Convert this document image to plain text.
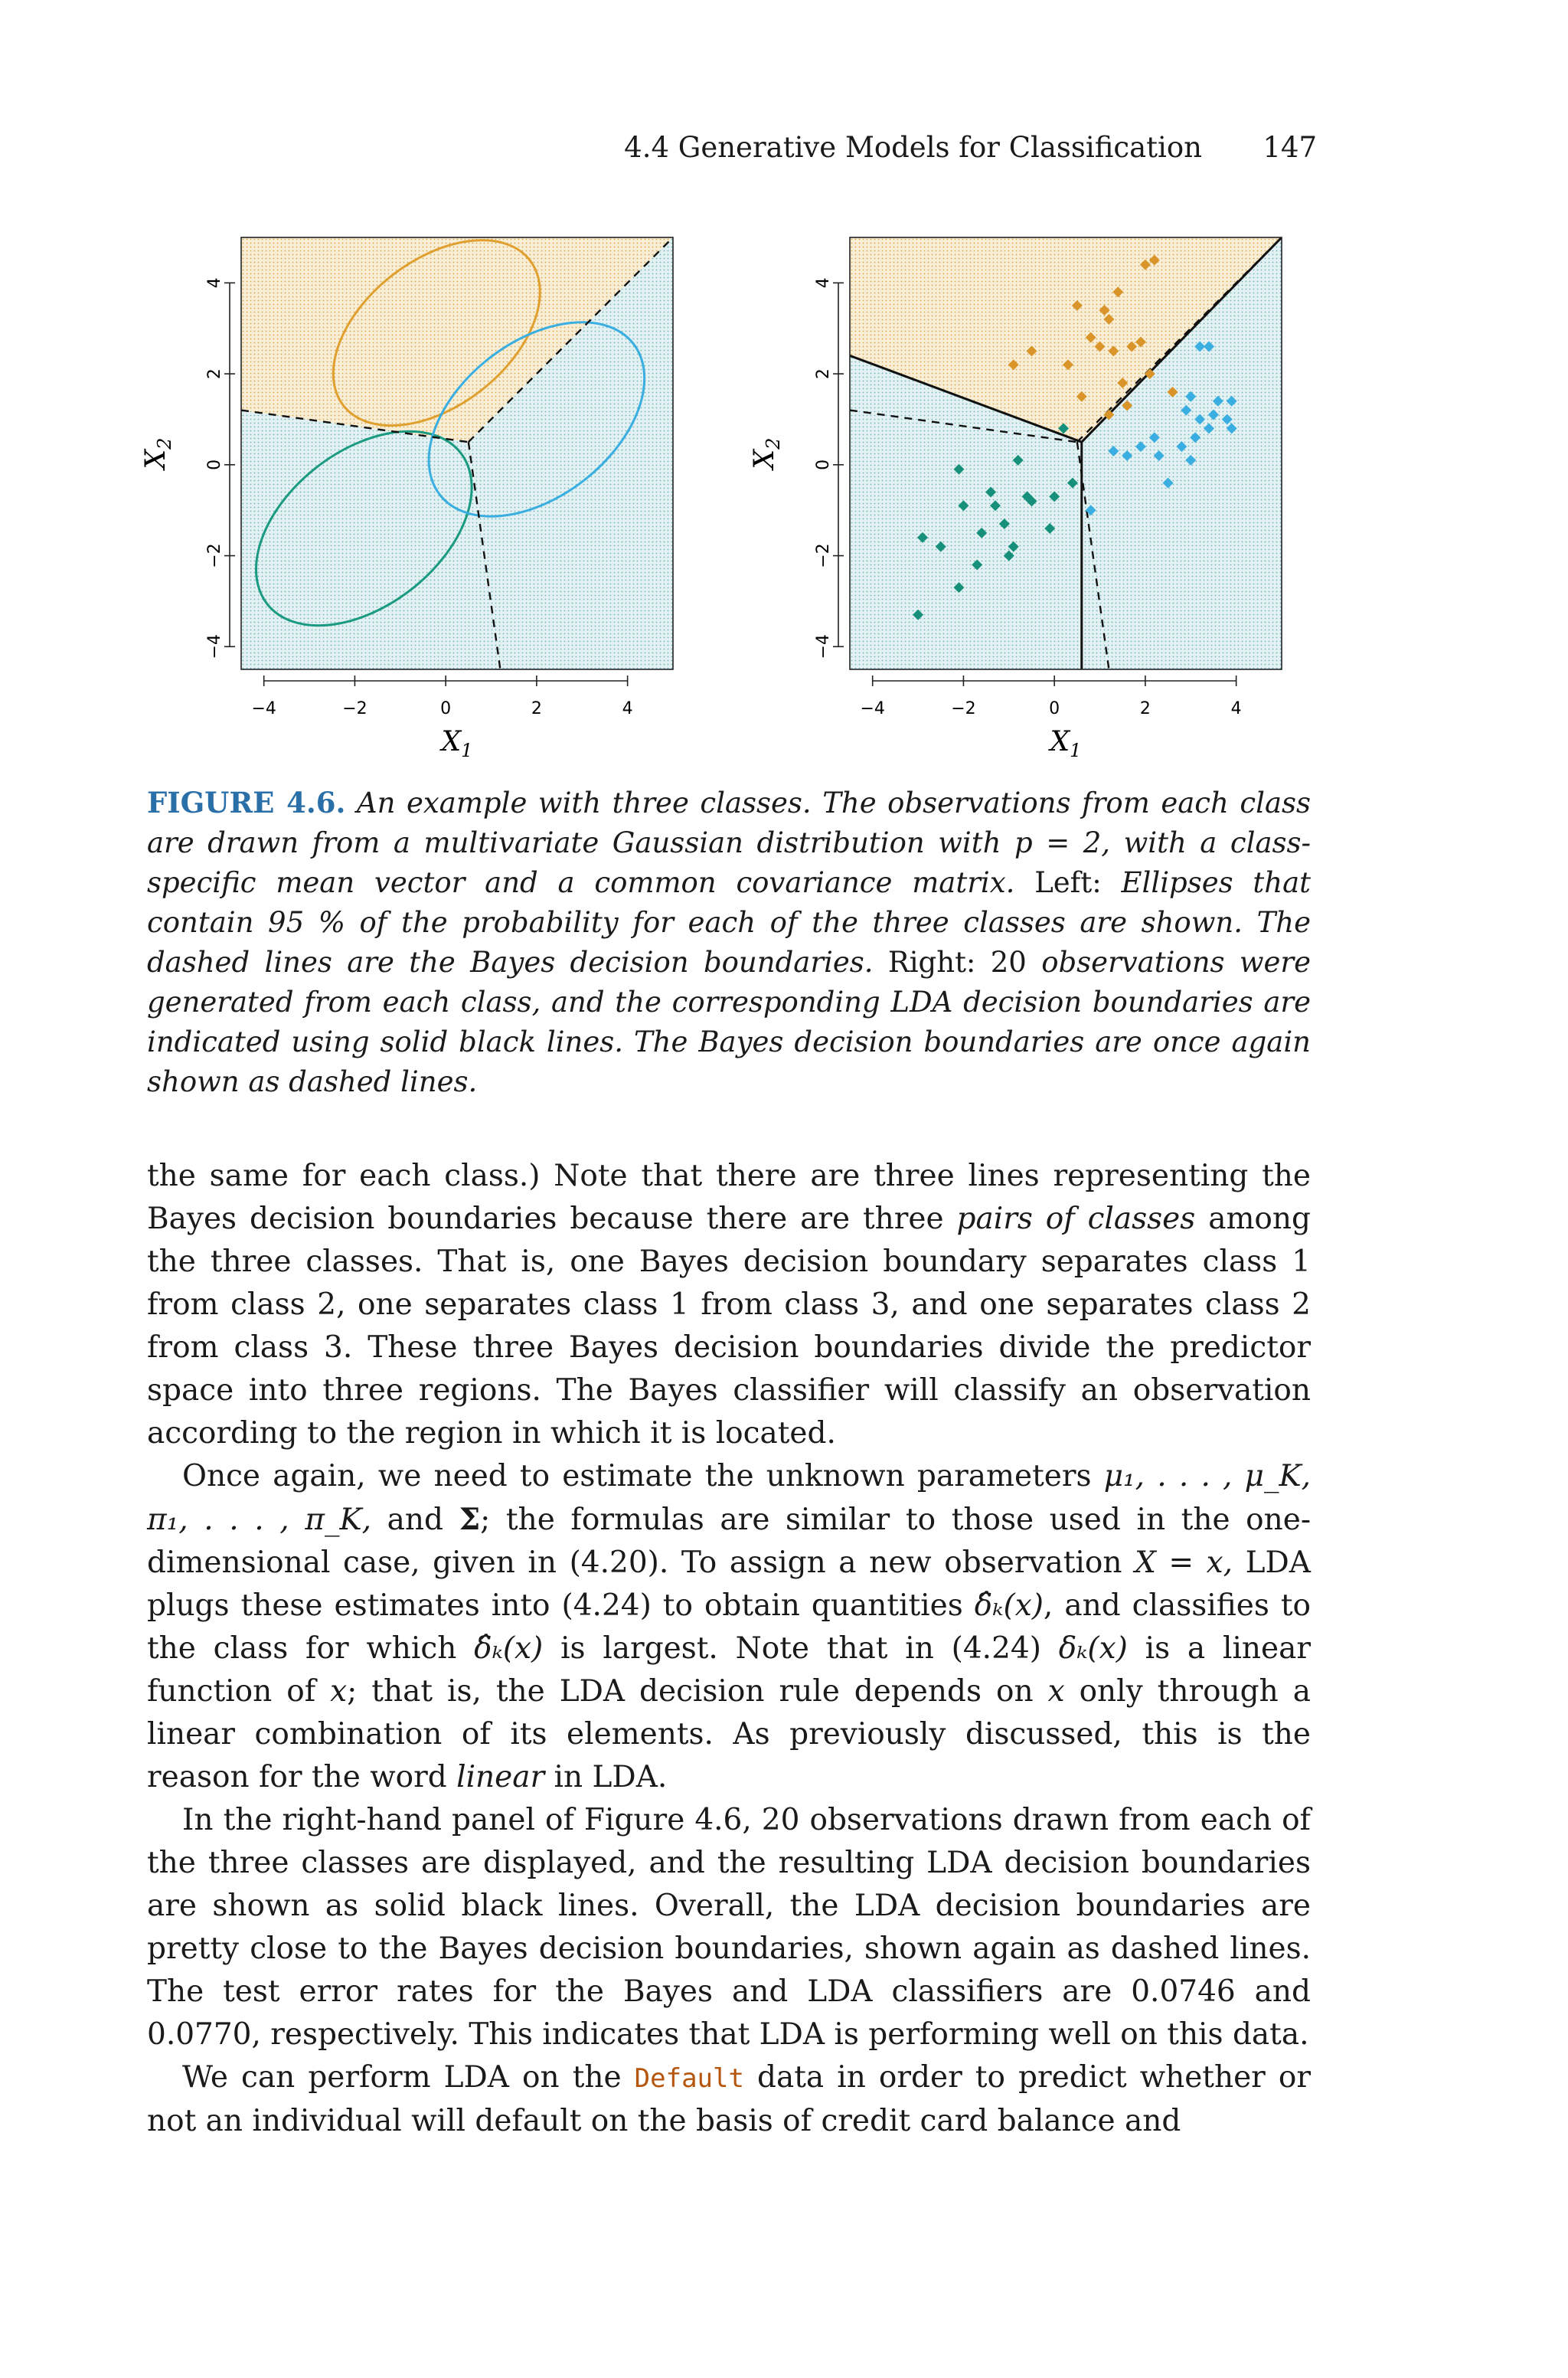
4.4 Generative Models for Classification 147
−4
−4
−2
−2
0
0
2
2
4
4
$X_1$
$X_2$
−4
−4
−2
−2
0
0
2
2
4
4
$X_1$
$X_2$
FIGURE 4.6. An example with three classes. The observations from each class are drawn from a multivariate Gaussian distribution with p = 2, with a class-specific mean vector and a common covariance matrix. Left: Ellipses that contain 95 % of the probability for each of the three classes are shown. The dashed lines are the Bayes decision boundaries. Right: 20 observations were generated from each class, and the corresponding LDA decision boundaries are indicated using solid black lines. The Bayes decision boundaries are once again shown as dashed lines.

the same for each class.) Note that there are three lines representing the Bayes decision boundaries because there are three pairs of classes among the three classes. That is, one Bayes decision boundary separates class 1 from class 2, one separates class 1 from class 3, and one separates class 2 from class 3. These three Bayes decision boundaries divide the predictor space into three regions. The Bayes classifier will classify an observation according to the region in which it is located.

Once again, we need to estimate the unknown parameters μ₁, . . . , μ_K, π₁, . . . , π_K, and Σ; the formulas are similar to those used in the one-dimensional case, given in (4.20). To assign a new observation X = x, LDA plugs these estimates into (4.24) to obtain quantities δ̂ₖ(x), and classifies to the class for which δ̂ₖ(x) is largest. Note that in (4.24) δₖ(x) is a linear function of x; that is, the LDA decision rule depends on x only through a linear combination of its elements. As previously discussed, this is the reason for the word linear in LDA.

In the right-hand panel of Figure 4.6, 20 observations drawn from each of the three classes are displayed, and the resulting LDA decision boundaries are shown as solid black lines. Overall, the LDA decision boundaries are pretty close to the Bayes decision boundaries, shown again as dashed lines. The test error rates for the Bayes and LDA classifiers are 0.0746 and 0.0770, respectively. This indicates that LDA is performing well on this data.

We can perform LDA on the Default data in order to predict whether or not an individual will default on the basis of credit card balance and
